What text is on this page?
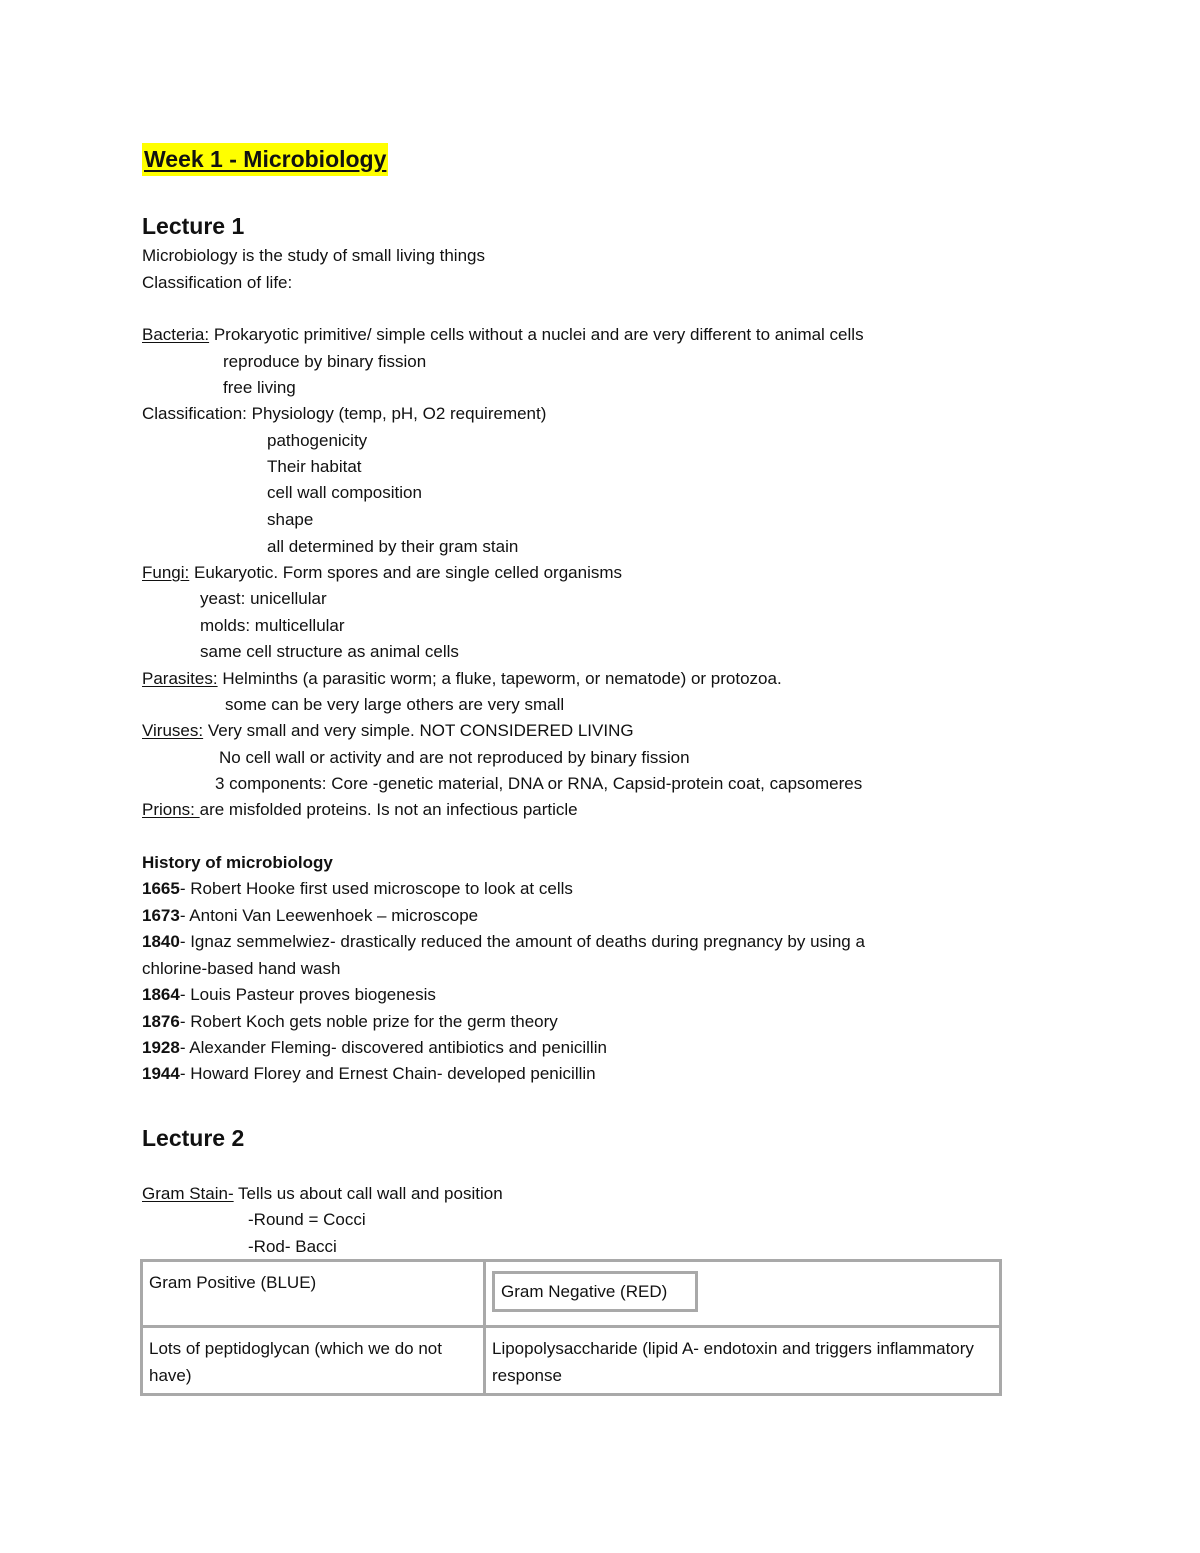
Week 1 - Microbiology
Lecture 1
Microbiology is the study of small living things
Classification of life:
Bacteria: Prokaryotic primitive/ simple cells without a nuclei and are very different to animal cells
reproduce by binary fission
free living
Classification: Physiology (temp, pH, O2 requirement)
pathogenicity
Their habitat
cell wall composition
shape
all determined by their gram stain
Fungi: Eukaryotic. Form spores and are single celled organisms
yeast: unicellular
molds: multicellular
same cell structure as animal cells
Parasites: Helminths (a parasitic worm; a fluke, tapeworm, or nematode) or protozoa.
some can be very large others are very small
Viruses: Very small and very simple. NOT CONSIDERED LIVING
No cell wall or activity and are not reproduced by binary fission
3 components: Core -genetic material, DNA or RNA, Capsid-protein coat, capsomeres
Prions: are misfolded proteins. Is not an infectious particle
History of microbiology
1665- Robert Hooke first used microscope to look at cells
1673- Antoni Van Leewenhoek – microscope
1840- Ignaz semmelwiez- drastically reduced the amount of deaths during pregnancy by using a
chlorine-based hand wash
1864- Louis Pasteur proves biogenesis
1876- Robert Koch gets noble prize for the germ theory
1928- Alexander Fleming- discovered antibiotics and penicillin
1944- Howard Florey and Ernest Chain- developed penicillin
Lecture 2
Gram Stain- Tells us about call wall and position
-Round = Cocci
-Rod- Bacci
Gram Positive (BLUE)	Gram Negative (RED)
Lots of peptidoglycan (which we do not have)	Lipopolysaccharide (lipid A- endotoxin and triggers inflammatory response
